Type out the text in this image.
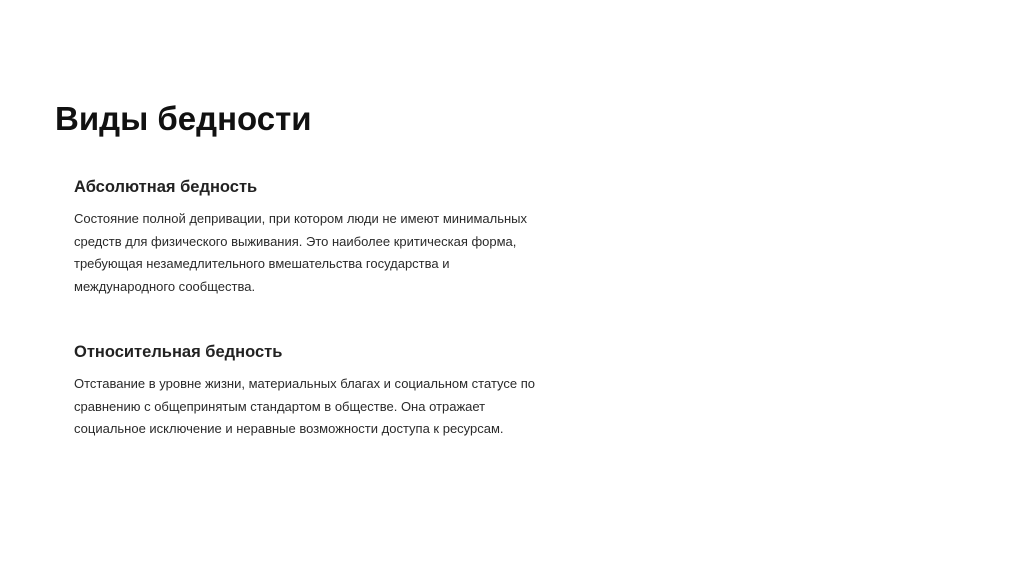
Виды бедности
Абсолютная бедность

Состояние полной депривации, при котором люди не имеют минимальных
средств для физического выживания. Это наиболее критическая форма,
требующая незамедлительного вмешательства государства и
международного сообщества.

Относительная бедность

Отставание в уровне жизни, материальных благах и социальном статусе по
сравнению с общепринятым стандартом в обществе. Она отражает
социальное исключение и неравные возможности доступа к ресурсам.
